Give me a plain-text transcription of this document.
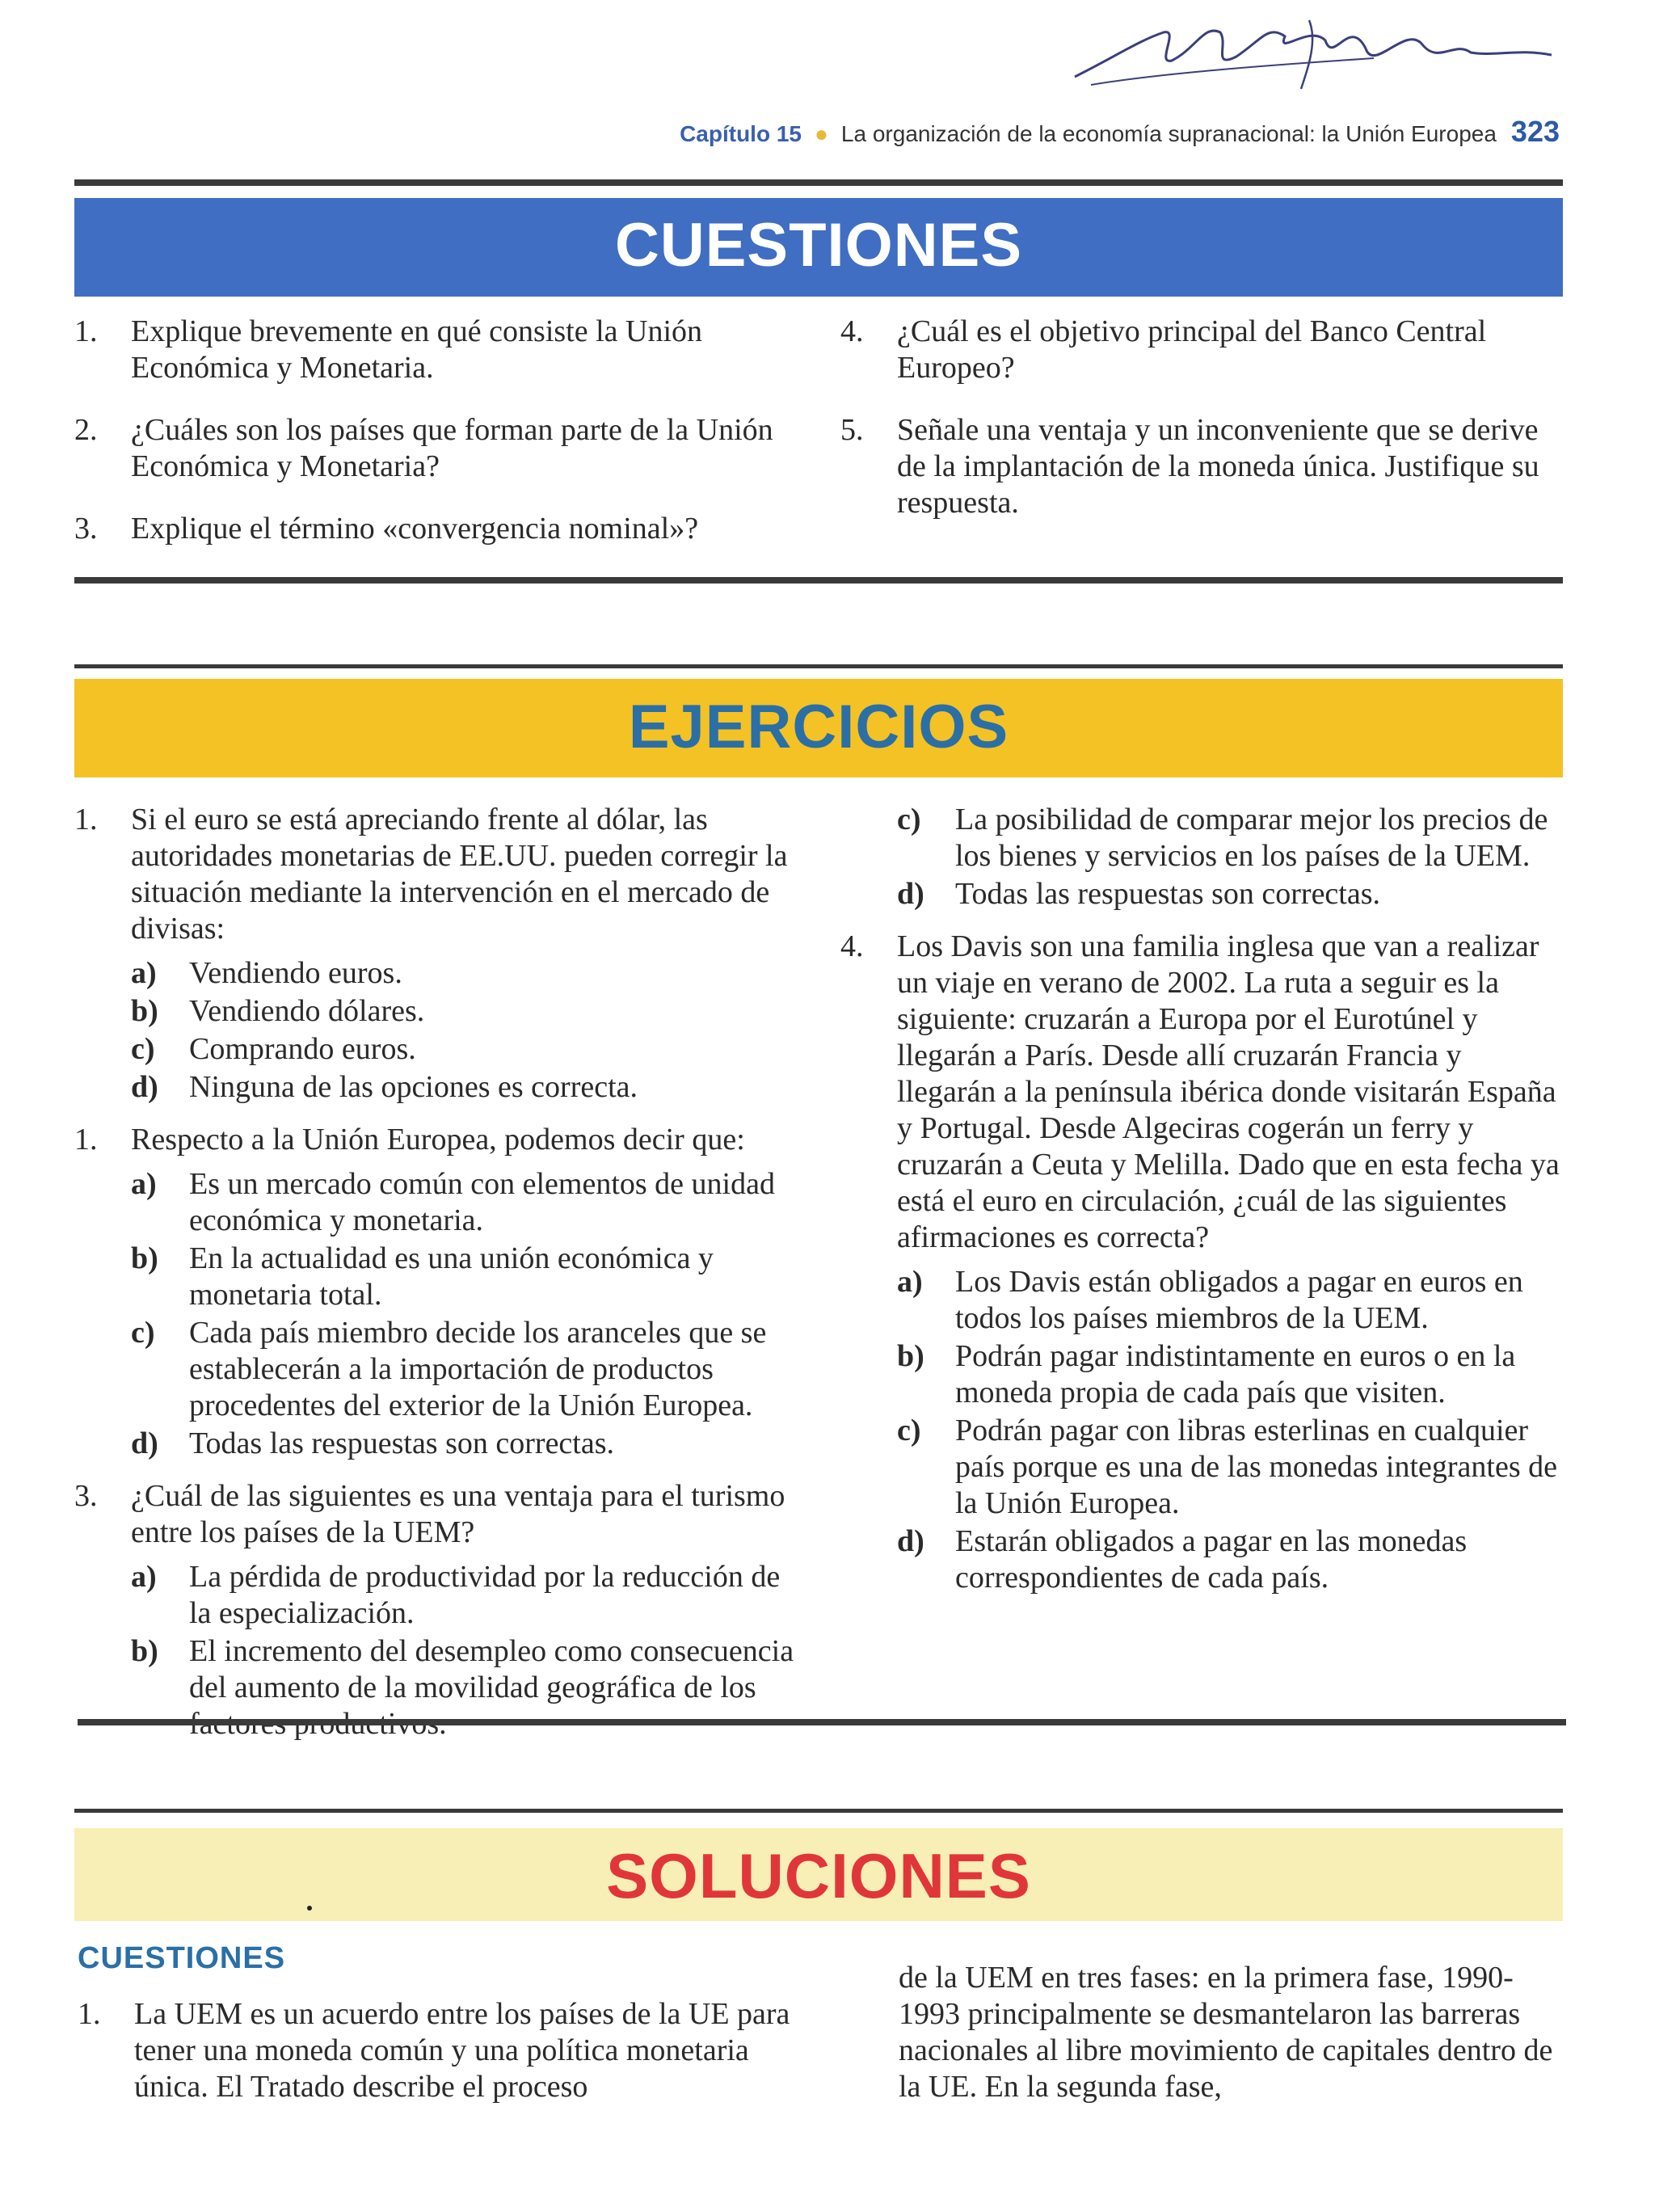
Capítulo 15 ● La organización de la economía supranacional: la Unión Europea 323
CUESTIONES
1. Explique brevemente en qué consiste la Unión Económica y Monetaria.
2. ¿Cuáles son los países que forman parte de la Unión Económica y Monetaria?
3. Explique el término «convergencia nominal»?
4. ¿Cuál es el objetivo principal del Banco Central Europeo?
5. Señale una ventaja y un inconveniente que se derive de la implantación de la moneda única. Justifique su respuesta.
EJERCICIOS
1. Si el euro se está apreciando frente al dólar, las autoridades monetarias de EE.UU. pueden corregir la situación mediante la intervención en el mercado de divisas:
a) Vendiendo euros.
b) Vendiendo dólares.
c) Comprando euros.
d) Ninguna de las opciones es correcta.
1. Respecto a la Unión Europea, podemos decir que:
a) Es un mercado común con elementos de unidad económica y monetaria.
b) En la actualidad es una unión económica y monetaria total.
c) Cada país miembro decide los aranceles que se establecerán a la importación de productos procedentes del exterior de la Unión Europea.
d) Todas las respuestas son correctas.
3. ¿Cuál de las siguientes es una ventaja para el turismo entre los países de la UEM?
a) La pérdida de productividad por la reducción de la especialización.
b) El incremento del desempleo como consecuencia del aumento de la movilidad geográfica de los
c) La posibilidad de comparar mejor los precios de los bienes y servicios en los países de la UEM.
d) Todas las respuestas son correctas.
4. Los Davis son una familia inglesa que van a realizar un viaje en verano de 2002. La ruta a seguir es la siguiente: cruzarán a Europa por el Eurotúnel y llegarán a París. Desde allí cruzarán Francia y llegarán a la península ibérica donde visitarán España y Portugal. Desde Algeciras cogerán un ferry y cruzarán a Ceuta y Melilla. Dado que en esta fecha ya está el euro en circulación, ¿cuál de las siguientes afirmaciones es correcta?
a) Los Davis están obligados a pagar en euros en todos los países miembros de la UEM.
b) Podrán pagar indistintamente en euros o en la moneda propia de cada país que visiten.
c) Podrán pagar con libras esterlinas en cualquier país porque es una de las monedas integrantes de la Unión Europea.
d) Estarán obligados a pagar en las monedas correspondientes de cada país.
SOLUCIONES
CUESTIONES
1. La UEM es un acuerdo entre los países de la UE para tener una moneda común y una política monetaria única. El Tratado describe el proceso
de la UEM en tres fases: en la primera fase, 1990-1993 principalmente se desmantelaron las barreras nacionales al libre movimiento de capitales dentro de la UE. En la segunda fase,
